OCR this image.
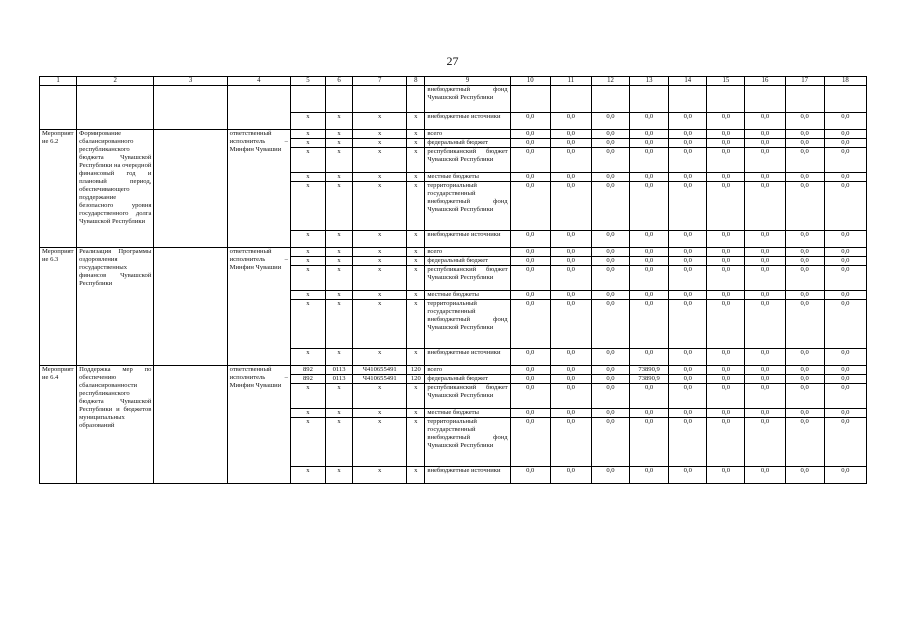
27
1	2	3	4	5	6	7	8	9	10	11	12	13	14	15	16	17	18
								внебюджетный фонд Чувашской Республики									
				x	x	x	x	внебюджетные источники	0,0	0,0	0,0	0,0	0,0	0,0	0,0	0,0	0,0
Мероприятие 6.2	Формирование сбалансированного республиканского бюджета Чувашской Республики на очередной финансовый год и плановый период, обеспечивающего поддержание безопасного уровня государственного долга Чувашской Республики		ответственный исполнитель – Минфин Чувашии	x	x	x	x	всего	0,0	0,0	0,0	0,0	0,0	0,0	0,0	0,0	0,0
				x	x	x	x	федеральный бюджет	0,0	0,0	0,0	0,0	0,0	0,0	0,0	0,0	0,0
				x	x	x	x	республиканский бюджет Чувашской Республики	0,0	0,0	0,0	0,0	0,0	0,0	0,0	0,0	0,0
				x	x	x	x	местные бюджеты	0,0	0,0	0,0	0,0	0,0	0,0	0,0	0,0	0,0
				x	x	x	x	территориальный государственный внебюджетный фонд Чувашской Республики	0,0	0,0	0,0	0,0	0,0	0,0	0,0	0,0	0,0
				x	x	x	x	внебюджетные источники	0,0	0,0	0,0	0,0	0,0	0,0	0,0	0,0	0,0
Мероприятие 6.3	Реализация Программы оздоровления государственных финансов Чувашской Республики		ответственный исполнитель – Минфин Чувашии	x	x	x	x	всего	0,0	0,0	0,0	0,0	0,0	0,0	0,0	0,0	0,0
				x	x	x	x	федеральный бюджет	0,0	0,0	0,0	0,0	0,0	0,0	0,0	0,0	0,0
				x	x	x	x	республиканский бюджет Чувашской Республики	0,0	0,0	0,0	0,0	0,0	0,0	0,0	0,0	0,0
				x	x	x	x	местные бюджеты	0,0	0,0	0,0	0,0	0,0	0,0	0,0	0,0	0,0
				x	x	x	x	территориальный государственный внебюджетный фонд Чувашской Республики	0,0	0,0	0,0	0,0	0,0	0,0	0,0	0,0	0,0
				x	x	x	x	внебюджетные источники	0,0	0,0	0,0	0,0	0,0	0,0	0,0	0,0	0,0
Мероприятие 6.4	Поддержка мер по обеспечению сбалансированности республиканского бюджета Чувашской Республики и бюджетов муниципальных образований		ответственный исполнитель – Минфин Чувашии	892	0113	Ч410655491	120	всего	0,0	0,0	0,0	73890,9	0,0	0,0	0,0	0,0	0,0
				892	0113	Ч410655491	120	федеральный бюджет	0,0	0,0	0,0	73890,9	0,0	0,0	0,0	0,0	0,0
				x	x	x	x	республиканский бюджет Чувашской Республики	0,0	0,0	0,0	0,0	0,0	0,0	0,0	0,0	0,0
				x	x	x	x	местные бюджеты	0,0	0,0	0,0	0,0	0,0	0,0	0,0	0,0	0,0
				x	x	x	x	территориальный государственный внебюджетный фонд Чувашской Республики	0,0	0,0	0,0	0,0	0,0	0,0	0,0	0,0	0,0
				x	x	x	x	внебюджетные источники	0,0	0,0	0,0	0,0	0,0	0,0	0,0	0,0	0,0
